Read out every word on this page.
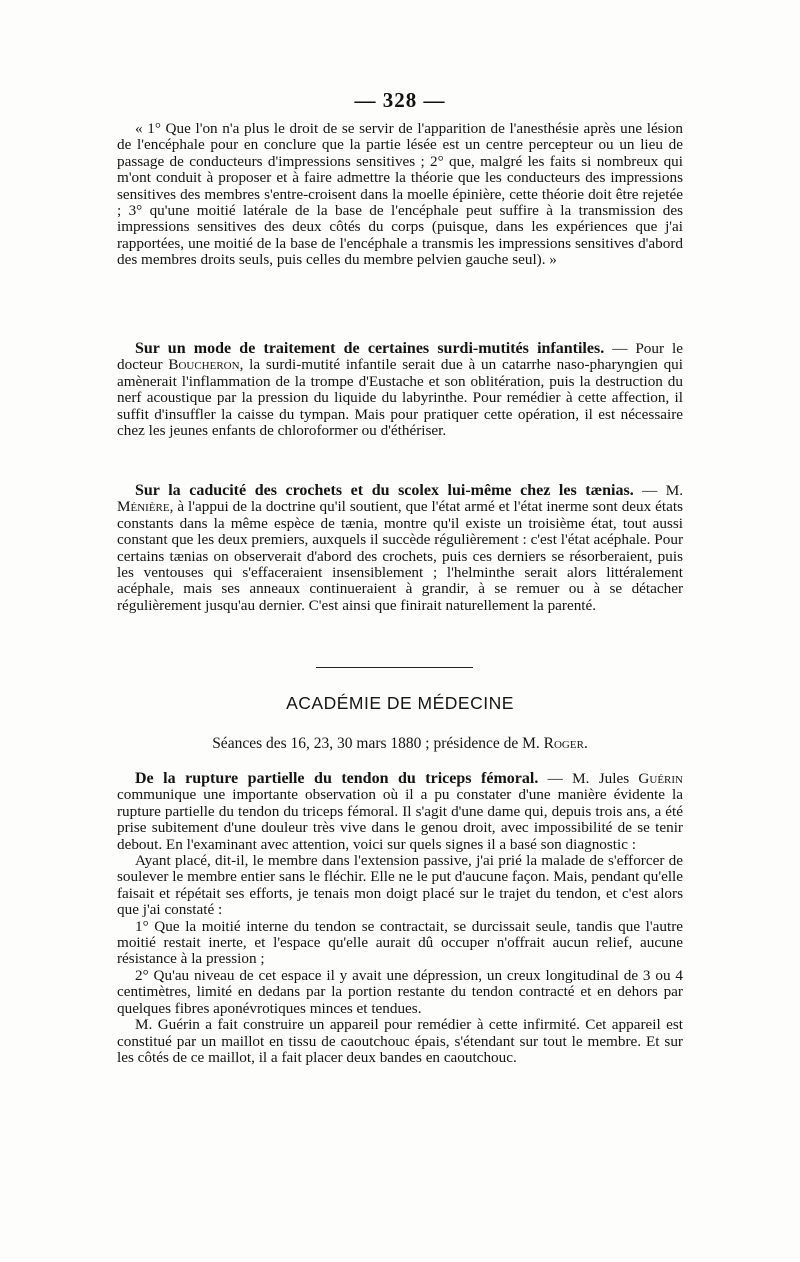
— 328 —

« 1° Que l'on n'a plus le droit de se servir de l'apparition de l'anesthésie après une lésion de l'encéphale pour en conclure que la partie lésée est un centre percepteur ou un lieu de passage de conducteurs d'impressions sensitives ; 2° que, malgré les faits si nombreux qui m'ont conduit à proposer et à faire admettre la théorie que les conducteurs des impressions sensitives des membres s'entre-croisent dans la moelle épinière, cette théorie doit être rejetée ; 3° qu'une moitié latérale de la base de l'encéphale peut suffire à la transmission des impressions sensitives des deux côtés du corps (puisque, dans les expériences que j'ai rapportées, une moitié de la base de l'encéphale a transmis les impressions sensitives d'abord des membres droits seuls, puis celles du membre pelvien gauche seul). »

Sur un mode de traitement de certaines surdi-mutités infantiles. — Pour le docteur Boucheron, la surdi-mutité infantile serait due à un catarrhe naso-pharyngien qui amènerait l'inflammation de la trompe d'Eustache et son oblitération, puis la destruction du nerf acoustique par la pression du liquide du labyrinthe. Pour remédier à cette affection, il suffit d'insuffler la caisse du tympan. Mais pour pratiquer cette opération, il est nécessaire chez les jeunes enfants de chloroformer ou d'éthériser.

Sur la caducité des crochets et du scolex lui-même chez les tænias. — M. Ménière, à l'appui de la doctrine qu'il soutient, que l'état armé et l'état inerme sont deux états constants dans la même espèce de tænia, montre qu'il existe un troisième état, tout aussi constant que les deux premiers, auxquels il succède régulièrement : c'est l'état acéphale. Pour certains tænias on observerait d'abord des crochets, puis ces derniers se résorberaient, puis les ventouses qui s'effaceraient insensiblement ; l'helminthe serait alors littéralement acéphale, mais ses anneaux continueraient à grandir, à se remuer ou à se détacher régulièrement jusqu'au dernier. C'est ainsi que finirait naturellement la parenté.

ACADÉMIE DE MÉDECINE
Séances des 16, 23, 30 mars 1880 ; présidence de M. Roger.

De la rupture partielle du tendon du triceps fémoral. — M. Jules Guérin communique une importante observation où il a pu constater d'une manière évidente la rupture partielle du tendon du triceps fémoral. Il s'agit d'une dame qui, depuis trois ans, a été prise subitement d'une douleur très vive dans le genou droit, avec impossibilité de se tenir debout. En l'examinant avec attention, voici sur quels signes il a basé son diagnostic :

Ayant placé, dit-il, le membre dans l'extension passive, j'ai prié la malade de s'efforcer de soulever le membre entier sans le fléchir. Elle ne le put d'aucune façon. Mais, pendant qu'elle faisait et répétait ses efforts, je tenais mon doigt placé sur le trajet du tendon, et c'est alors que j'ai constaté :

1° Que la moitié interne du tendon se contractait, se durcissait seule, tandis que l'autre moitié restait inerte, et l'espace qu'elle aurait dû occuper n'offrait aucun relief, aucune résistance à la pression ;

2° Qu'au niveau de cet espace il y avait une dépression, un creux longitudinal de 3 ou 4 centimètres, limité en dedans par la portion restante du tendon contracté et en dehors par quelques fibres aponévrotiques minces et tendues.

M. Guérin a fait construire un appareil pour remédier à cette infirmité. Cet appareil est constitué par un maillot en tissu de caoutchouc épais, s'étendant sur tout le membre. Et sur les côtés de ce maillot, il a fait placer deux bandes en caoutchouc.
